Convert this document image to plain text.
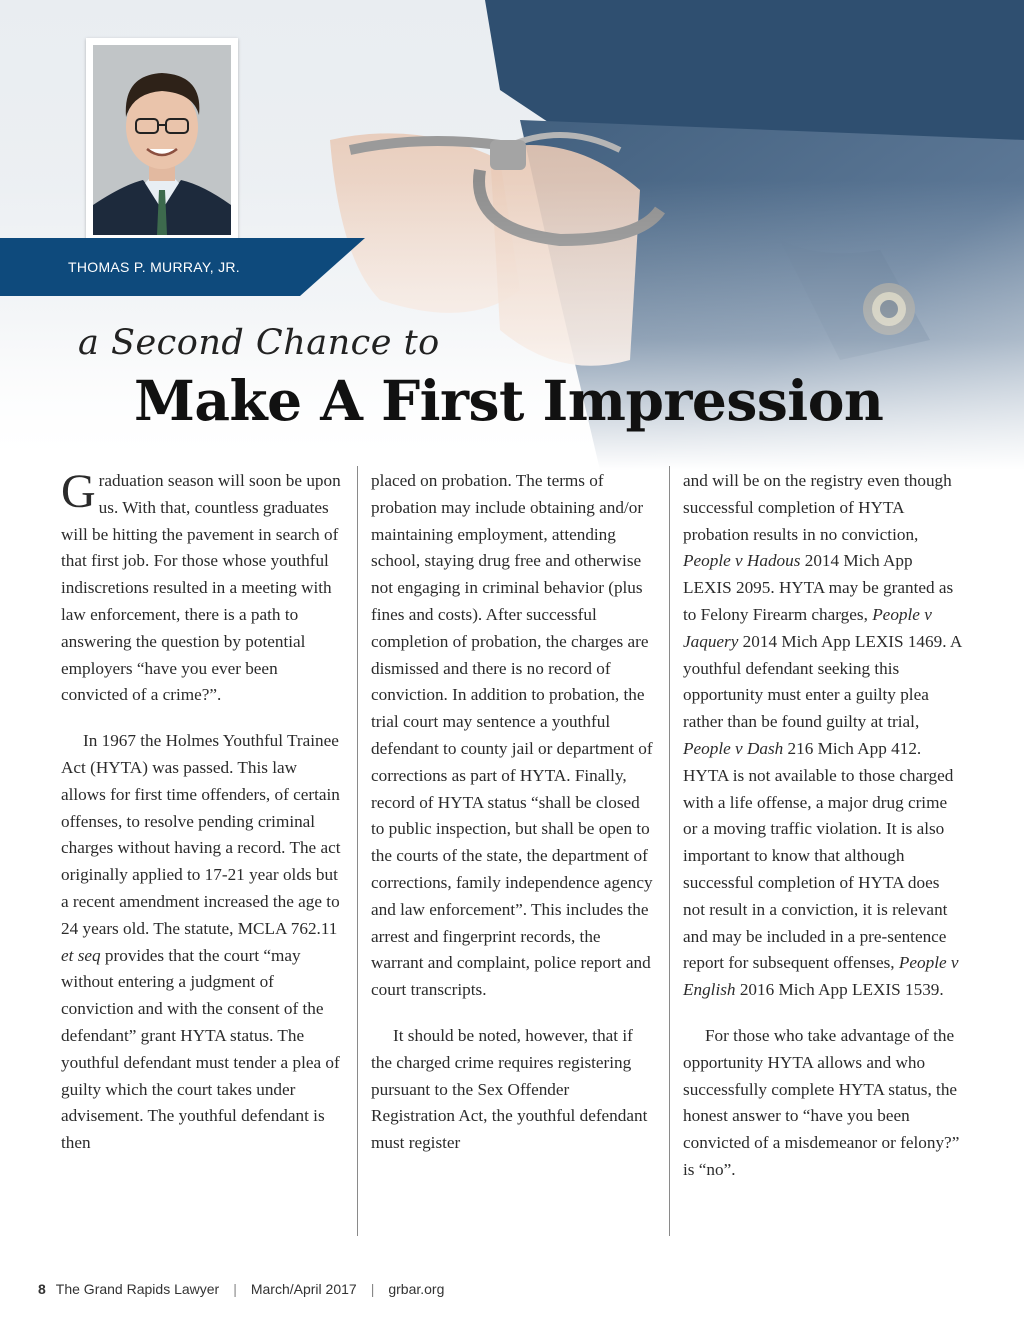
THOMAS P. MURRAY, JR.
a Second Chance to
Make A First Impression

Graduation season will soon be upon us. With that, countless graduates will be hitting the pavement in search of that first job. For those whose youthful indiscretions resulted in a meeting with law enforcement, there is a path to answering the question by potential employers “have you ever been convicted of a crime?”.

In 1967 the Holmes Youthful Trainee Act (HYTA) was passed. This law allows for first time offenders, of certain offenses, to resolve pending criminal charges without having a record. The act originally applied to 17-21 year olds but a recent amendment increased the age to 24 years old. The statute, MCLA 762.11 et seq provides that the court “may without entering a judgment of conviction and with the consent of the defendant” grant HYTA status. The youthful defendant must tender a plea of guilty which the court takes under advisement. The youthful defendant is then

placed on probation. The terms of probation may include obtaining and/or maintaining employment, attending school, staying drug free and otherwise not engaging in criminal behavior (plus fines and costs). After successful completion of probation, the charges are dismissed and there is no record of conviction. In addition to probation, the trial court may sentence a youthful defendant to county jail or department of corrections as part of HYTA. Finally, record of HYTA status “shall be closed to public inspection, but shall be open to the courts of the state, the department of corrections, family independence agency and law enforcement”. This includes the arrest and fingerprint records, the warrant and complaint, police report and court transcripts.

It should be noted, however, that if the charged crime requires registering pursuant to the Sex Offender Registration Act, the youthful defendant must register

and will be on the registry even though successful completion of HYTA probation results in no conviction, People v Hadous 2014 Mich App LEXIS 2095. HYTA may be granted as to Felony Firearm charges, People v Jaquery 2014 Mich App LEXIS 1469. A youthful defendant seeking this opportunity must enter a guilty plea rather than be found guilty at trial, People v Dash 216 Mich App 412. HYTA is not available to those charged with a life offense, a major drug crime or a moving traffic violation. It is also important to know that although successful completion of HYTA does not result in a conviction, it is relevant and may be included in a pre-sentence report for subsequent offenses, People v English 2016 Mich App LEXIS 1539.

For those who take advantage of the opportunity HYTA allows and who successfully complete HYTA status, the honest answer to “have you been convicted of a misdemeanor or felony?” is “no”.

8 The Grand Rapids Lawyer | March/April 2017 | grbar.org
